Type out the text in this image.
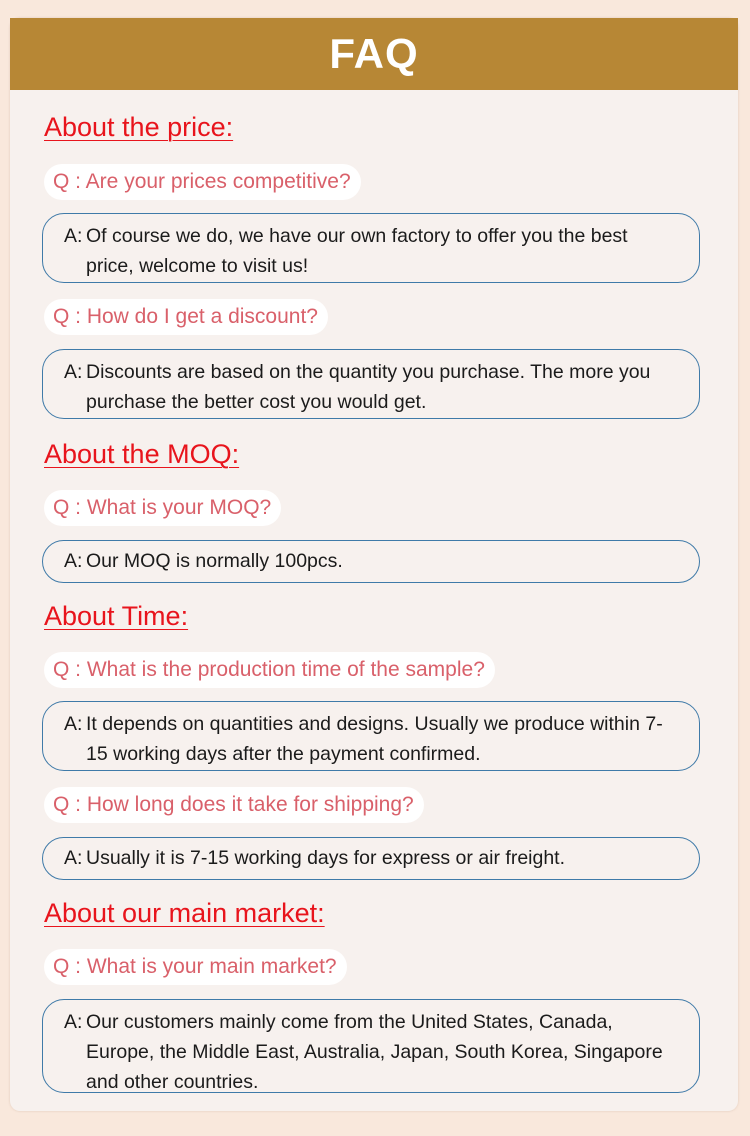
FAQ
About the price:
Q : Are your prices competitive?
A: Of course we do, we have our own factory to offer you the best price, welcome to visit us!
Q : How do I get a discount?
A: Discounts are based on the quantity you purchase. The more you purchase the better cost you would get.
About the MOQ:
Q : What is your MOQ?
A: Our MOQ is normally 100pcs.
About Time:
Q : What is the production time of the sample?
A: It depends on quantities and designs. Usually we produce within 7-15 working days after the payment confirmed.
Q : How long does it take for shipping?
A: Usually it is 7-15 working days for express or air freight.
About our main market:
Q : What is your main market?
A: Our customers mainly come from the United States, Canada, Europe, the Middle East, Australia, Japan, South Korea, Singapore and other countries.
